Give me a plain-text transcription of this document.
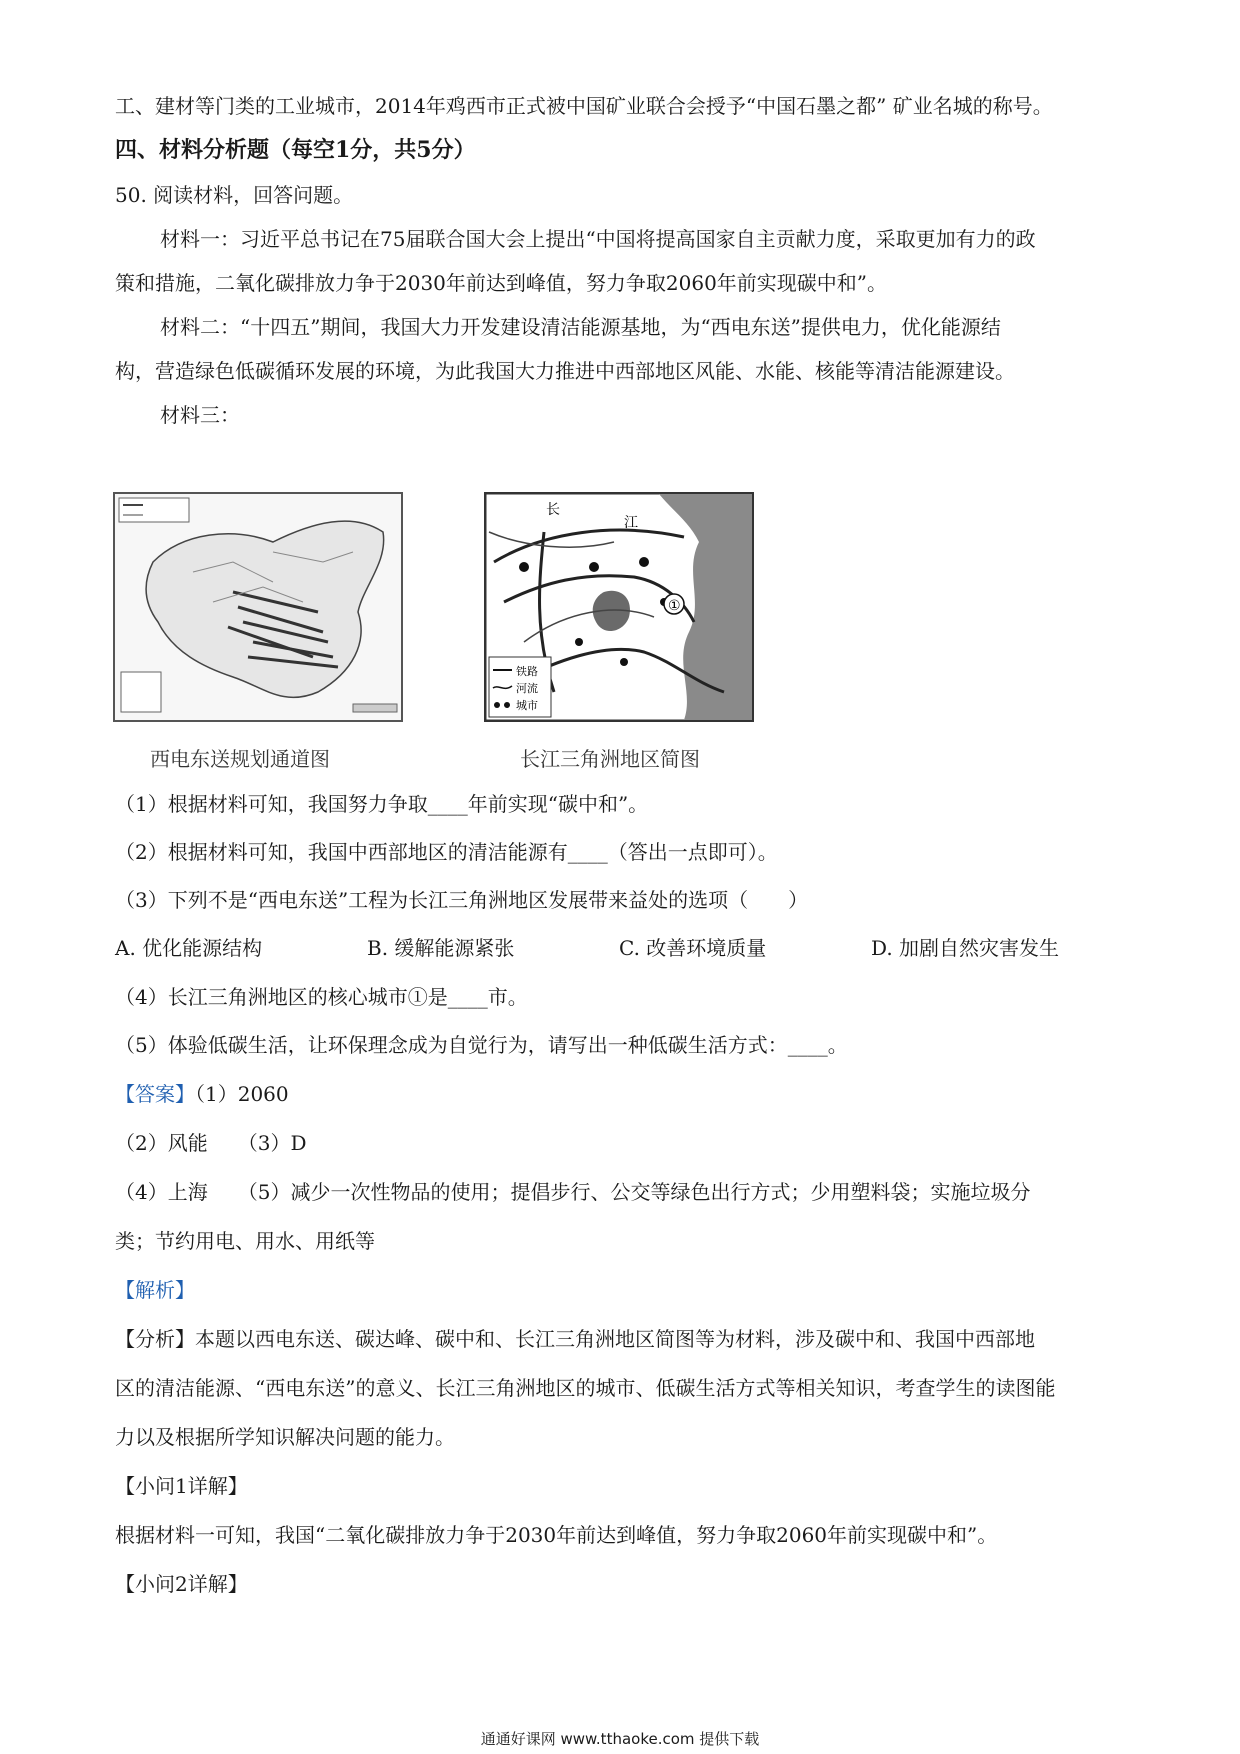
工、建材等门类的工业城市，2014年鸡西市正式被中国矿业联合会授予“中国石墨之都” 矿业名城的称号。
四、材料分析题（每空1分，共5分）
50. 阅读材料，回答问题。
材料一：习近平总书记在75届联合国大会上提出“中国将提高国家自主贡献力度，采取更加有力的政
策和措施，二氧化碳排放力争于2030年前达到峰值，努力争取2060年前实现碳中和”。
材料二：“十四五”期间，我国大力开发建设清洁能源基地，为“西电东送”提供电力，优化能源结
构，营造绿色低碳循环发展的环境，为此我国大力推进中西部地区风能、水能、核能等清洁能源建设。
材料三：
西电东送规划通道图
①
长
江
铁路
河流
城市
长江三角洲地区简图
（1）根据材料可知，我国努力争取____年前实现“碳中和”。
（2）根据材料可知，我国中西部地区的清洁能源有____（答出一点即可）。
（3）下列不是“西电东送”工程为长江三角洲地区发展带来益处的选项（　　）
A. 优化能源结构	B. 缓解能源紧张	C. 改善环境质量	D. 加剧自然灾害发生
（4）长江三角洲地区的核心城市①是____市。
（5）体验低碳生活，让环保理念成为自觉行为，请写出一种低碳生活方式：____。
【答案】（1）2060
（2）风能　　（3）D
（4）上海　　（5）减少一次性物品的使用；提倡步行、公交等绿色出行方式；少用塑料袋；实施垃圾分
类；节约用电、用水、用纸等
【解析】
【分析】本题以西电东送、碳达峰、碳中和、长江三角洲地区简图等为材料，涉及碳中和、我国中西部地
区的清洁能源、“西电东送”的意义、长江三角洲地区的城市、低碳生活方式等相关知识，考查学生的读图能
力以及根据所学知识解决问题的能力。
【小问1详解】
根据材料一可知，我国“二氧化碳排放力争于2030年前达到峰值，努力争取2060年前实现碳中和”。
【小问2详解】
通通好课网 www.tthaoke.com 提供下载
